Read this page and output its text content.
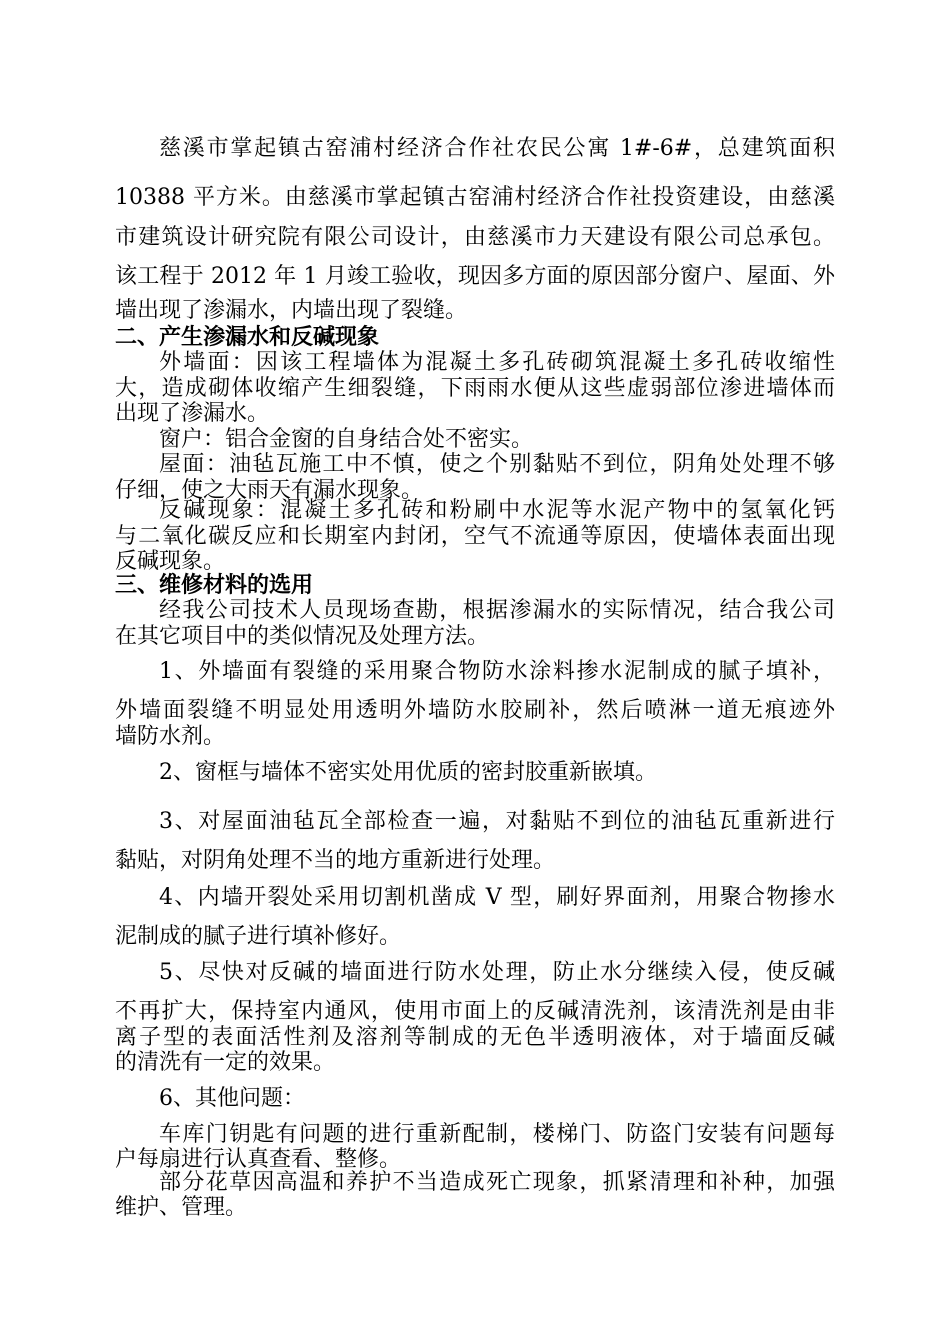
慈溪市掌起镇古窑浦村经济合作社农民公寓 1#-6#，总建筑面积
10388 平方米。由慈溪市掌起镇古窑浦村经济合作社投资建设，由慈溪
市建筑设计研究院有限公司设计，由慈溪市力天建设有限公司总承包。
该工程于 2012 年 1 月竣工验收，现因多方面的原因部分窗户、屋面、外
墙出现了渗漏水，内墙出现了裂缝。
二、产生渗漏水和反碱现象
外墙面：因该工程墙体为混凝土多孔砖砌筑混凝土多孔砖收缩性
大，造成砌体收缩产生细裂缝，下雨雨水便从这些虚弱部位渗进墙体而
出现了渗漏水。
窗户：铝合金窗的自身结合处不密实。
屋面：油毡瓦施工中不慎，使之个别黏贴不到位，阴角处处理不够
仔细，使之大雨天有漏水现象。
反碱现象：混凝土多孔砖和粉刷中水泥等水泥产物中的氢氧化钙
与二氧化碳反应和长期室内封闭，空气不流通等原因，使墙体表面出现
反碱现象。
三、维修材料的选用
经我公司技术人员现场查勘，根据渗漏水的实际情况，结合我公司
在其它项目中的类似情况及处理方法。
1、外墙面有裂缝的采用聚合物防水涂料掺水泥制成的腻子填补，
外墙面裂缝不明显处用透明外墙防水胶刷补，然后喷淋一道无痕迹外
墙防水剂。
2、窗框与墙体不密实处用优质的密封胶重新嵌填。
3、对屋面油毡瓦全部检查一遍，对黏贴不到位的油毡瓦重新进行
黏贴，对阴角处理不当的地方重新进行处理。
4、内墙开裂处采用切割机凿成 V 型，刷好界面剂，用聚合物掺水
泥制成的腻子进行填补修好。
5、尽快对反碱的墙面进行防水处理，防止水分继续入侵，使反碱
不再扩大，保持室内通风，使用市面上的反碱清洗剂，该清洗剂是由非
离子型的表面活性剂及溶剂等制成的无色半透明液体，对于墙面反碱
的清洗有一定的效果。
6、其他问题：
车库门钥匙有问题的进行重新配制，楼梯门、防盗门安装有问题每
户每扇进行认真查看、整修。
部分花草因高温和养护不当造成死亡现象，抓紧清理和补种，加强
维护、管理。
